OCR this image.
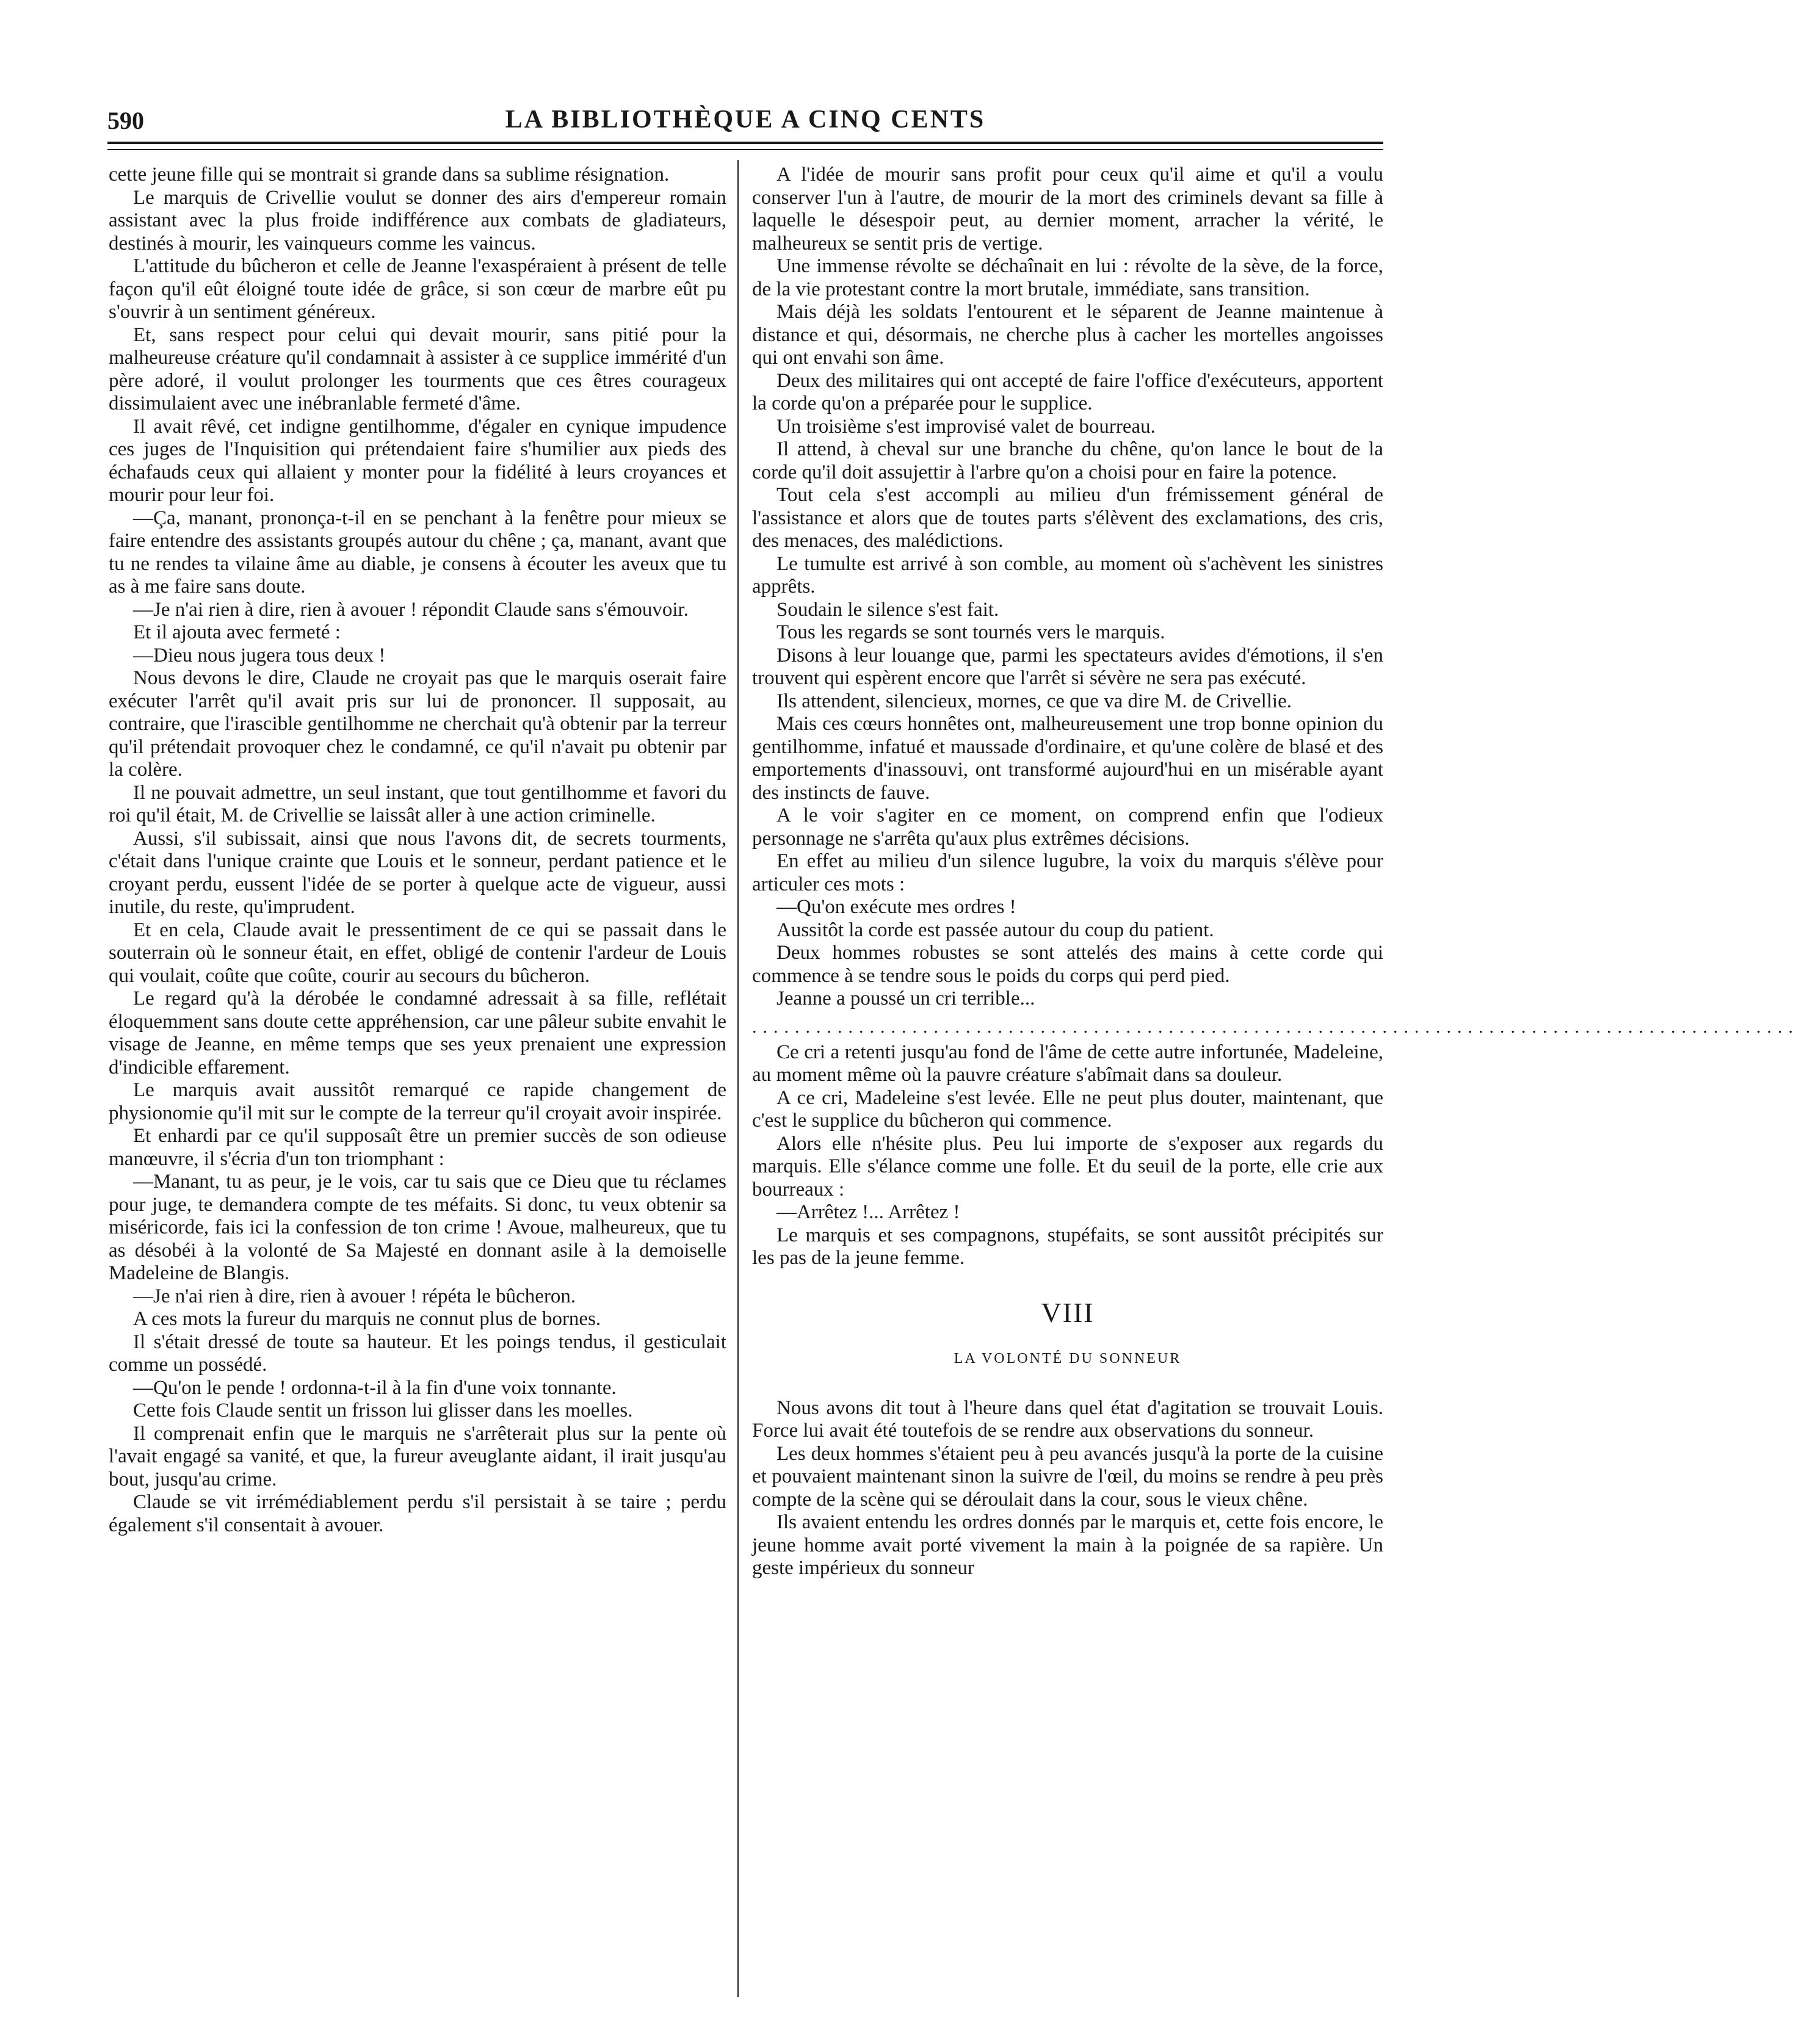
590	LA BIBLIOTHÈQUE A CINQ CENTS

cette jeune fille qui se montrait si grande dans sa sublime résignation.

Le marquis de Crivellie voulut se donner des airs d'empereur romain assistant avec la plus froide indifférence aux combats de gladiateurs, destinés à mourir, les vainqueurs comme les vaincus.

L'attitude du bûcheron et celle de Jeanne l'exaspéraient à présent de telle façon qu'il eût éloigné toute idée de grâce, si son cœur de marbre eût pu s'ouvrir à un sentiment généreux.

Et, sans respect pour celui qui devait mourir, sans pitié pour la malheureuse créature qu'il condamnait à assister à ce supplice immérité d'un père adoré, il voulut prolonger les tourments que ces êtres courageux dissimulaient avec une inébranlable fermeté d'âme.

Il avait rêvé, cet indigne gentilhomme, d'égaler en cynique impudence ces juges de l'Inquisition qui prétendaient faire s'humilier aux pieds des échafauds ceux qui allaient y monter pour la fidélité à leurs croyances et mourir pour leur foi.

—Ça, manant, prononça-t-il en se penchant à la fenêtre pour mieux se faire entendre des assistants groupés autour du chêne ; ça, manant, avant que tu ne rendes ta vilaine âme au diable, je consens à écouter les aveux que tu as à me faire sans doute.

—Je n'ai rien à dire, rien à avouer ! répondit Claude sans s'émouvoir.

Et il ajouta avec fermeté :

—Dieu nous jugera tous deux !

Nous devons le dire, Claude ne croyait pas que le marquis oserait faire exécuter l'arrêt qu'il avait pris sur lui de prononcer. Il supposait, au contraire, que l'irascible gentilhomme ne cherchait qu'à obtenir par la terreur qu'il prétendait provoquer chez le condamné, ce qu'il n'avait pu obtenir par la colère.

Il ne pouvait admettre, un seul instant, que tout gentilhomme et favori du roi qu'il était, M. de Crivellie se laissât aller à une action criminelle.

Aussi, s'il subissait, ainsi que nous l'avons dit, de secrets tourments, c'était dans l'unique crainte que Louis et le sonneur, perdant patience et le croyant perdu, eussent l'idée de se porter à quelque acte de vigueur, aussi inutile, du reste, qu'imprudent.

Et en cela, Claude avait le pressentiment de ce qui se passait dans le souterrain où le sonneur était, en effet, obligé de contenir l'ardeur de Louis qui voulait, coûte que coûte, courir au secours du bûcheron.

Le regard qu'à la dérobée le condamné adressait à sa fille, reflétait éloquemment sans doute cette appréhension, car une pâleur subite envahit le visage de Jeanne, en même temps que ses yeux prenaient une expression d'indicible effarement.

Le marquis avait aussitôt remarqué ce rapide changement de physionomie qu'il mit sur le compte de la terreur qu'il croyait avoir inspirée.

Et enhardi par ce qu'il supposaît être un premier succès de son odieuse manœuvre, il s'écria d'un ton triomphant :

—Manant, tu as peur, je le vois, car tu sais que ce Dieu que tu réclames pour juge, te demandera compte de tes méfaits. Si donc, tu veux obtenir sa miséricorde, fais ici la confession de ton crime ! Avoue, malheureux, que tu as désobéi à la volonté de Sa Majesté en donnant asile à la demoiselle Madeleine de Blangis.

—Je n'ai rien à dire, rien à avouer ! répéta le bûcheron.

A ces mots la fureur du marquis ne connut plus de bornes.

Il s'était dressé de toute sa hauteur. Et les poings tendus, il gesticulait comme un possédé.

—Qu'on le pende ! ordonna-t-il à la fin d'une voix tonnante.

Cette fois Claude sentit un frisson lui glisser dans les moelles.

Il comprenait enfin que le marquis ne s'arrêterait plus sur la pente où l'avait engagé sa vanité, et que, la fureur aveuglante aidant, il irait jusqu'au bout, jusqu'au crime.

Claude se vit irrémédiablement perdu s'il persistait à se taire ; perdu également s'il consentait à avouer.

A l'idée de mourir sans profit pour ceux qu'il aime et qu'il a voulu conserver l'un à l'autre, de mourir de la mort des criminels devant sa fille à laquelle le désespoir peut, au dernier moment, arracher la vérité, le malheureux se sentit pris de vertige.

Une immense révolte se déchaînait en lui : révolte de la sève, de la force, de la vie protestant contre la mort brutale, immédiate, sans transition.

Mais déjà les soldats l'entourent et le séparent de Jeanne maintenue à distance et qui, désormais, ne cherche plus à cacher les mortelles angoisses qui ont envahi son âme.

Deux des militaires qui ont accepté de faire l'office d'exécuteurs, apportent la corde qu'on a préparée pour le supplice.

Un troisième s'est improvisé valet de bourreau.

Il attend, à cheval sur une branche du chêne, qu'on lance le bout de la corde qu'il doit assujettir à l'arbre qu'on a choisi pour en faire la potence.

Tout cela s'est accompli au milieu d'un frémissement général de l'assistance et alors que de toutes parts s'élèvent des exclamations, des cris, des menaces, des malédictions.

Le tumulte est arrivé à son comble, au moment où s'achèvent les sinistres apprêts.

Soudain le silence s'est fait.

Tous les regards se sont tournés vers le marquis.

Disons à leur louange que, parmi les spectateurs avides d'émotions, il s'en trouvent qui espèrent encore que l'arrêt si sévère ne sera pas exécuté.

Ils attendent, silencieux, mornes, ce que va dire M. de Crivellie.

Mais ces cœurs honnêtes ont, malheureusement une trop bonne opinion du gentilhomme, infatué et maussade d'ordinaire, et qu'une colère de blasé et des emportements d'inassouvi, ont transformé aujourd'hui en un misérable ayant des instincts de fauve.

A le voir s'agiter en ce moment, on comprend enfin que l'odieux personnage ne s'arrêta qu'aux plus extrêmes décisions.

En effet au milieu d'un silence lugubre, la voix du marquis s'élève pour articuler ces mots :

—Qu'on exécute mes ordres !

Aussitôt la corde est passée autour du coup du patient.

Deux hommes robustes se sont attelés des mains à cette corde qui commence à se tendre sous le poids du corps qui perd pied.

Jeanne a poussé un cri terrible...

..................................................................................................

Ce cri a retenti jusqu'au fond de l'âme de cette autre infortunée, Madeleine, au moment même où la pauvre créature s'abîmait dans sa douleur.

A ce cri, Madeleine s'est levée. Elle ne peut plus douter, maintenant, que c'est le supplice du bûcheron qui commence.

Alors elle n'hésite plus. Peu lui importe de s'exposer aux regards du marquis. Elle s'élance comme une folle. Et du seuil de la porte, elle crie aux bourreaux :

—Arrêtez !... Arrêtez !

Le marquis et ses compagnons, stupéfaits, se sont aussitôt précipités sur les pas de la jeune femme.

VIII
LA VOLONTÉ DU SONNEUR

Nous avons dit tout à l'heure dans quel état d'agitation se trouvait Louis. Force lui avait été toutefois de se rendre aux observations du sonneur.

Les deux hommes s'étaient peu à peu avancés jusqu'à la porte de la cuisine et pouvaient maintenant sinon la suivre de l'œil, du moins se rendre à peu près compte de la scène qui se déroulait dans la cour, sous le vieux chêne.

Ils avaient entendu les ordres donnés par le marquis et, cette fois encore, le jeune homme avait porté vivement la main à la poignée de sa rapière. Un geste impérieux du sonneur
